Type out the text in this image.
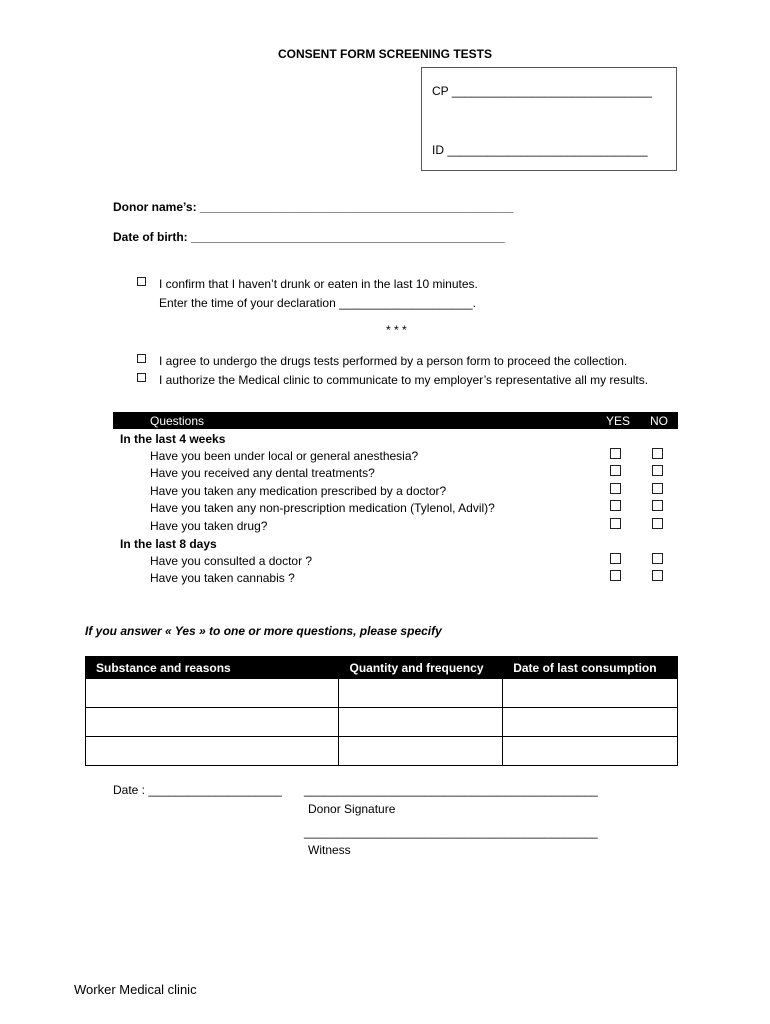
CONSENT FORM SCREENING TESTS
CP ______________________________
ID ______________________________
Donor name’s: _______________________________________________
Date of birth: _______________________________________________
I confirm that I haven’t drunk or eaten in the last 10 minutes.
Enter the time of your declaration ____________________.
* * *
I agree to undergo the drugs tests performed by a person form to proceed the collection.
I authorize the Medical clinic to communicate to my employer’s representative all my results.
Questions	YES NO
In the last 4 weeks
Have you been under local or general anesthesia?
Have you received any dental treatments?
Have you taken any medication prescribed by a doctor?
Have you taken any non-prescription medication (Tylenol, Advil)?
Have you taken drug?
In the last 8 days
Have you consulted a doctor ?
Have you taken cannabis ?
If you answer « Yes » to one or more questions, please specify
Substance and reasons	Quantity and frequency	Date of last consumption

Date : ____________________ ____________________________________________
Donor Signature
____________________________________________
Witness
Worker Medical clinic
